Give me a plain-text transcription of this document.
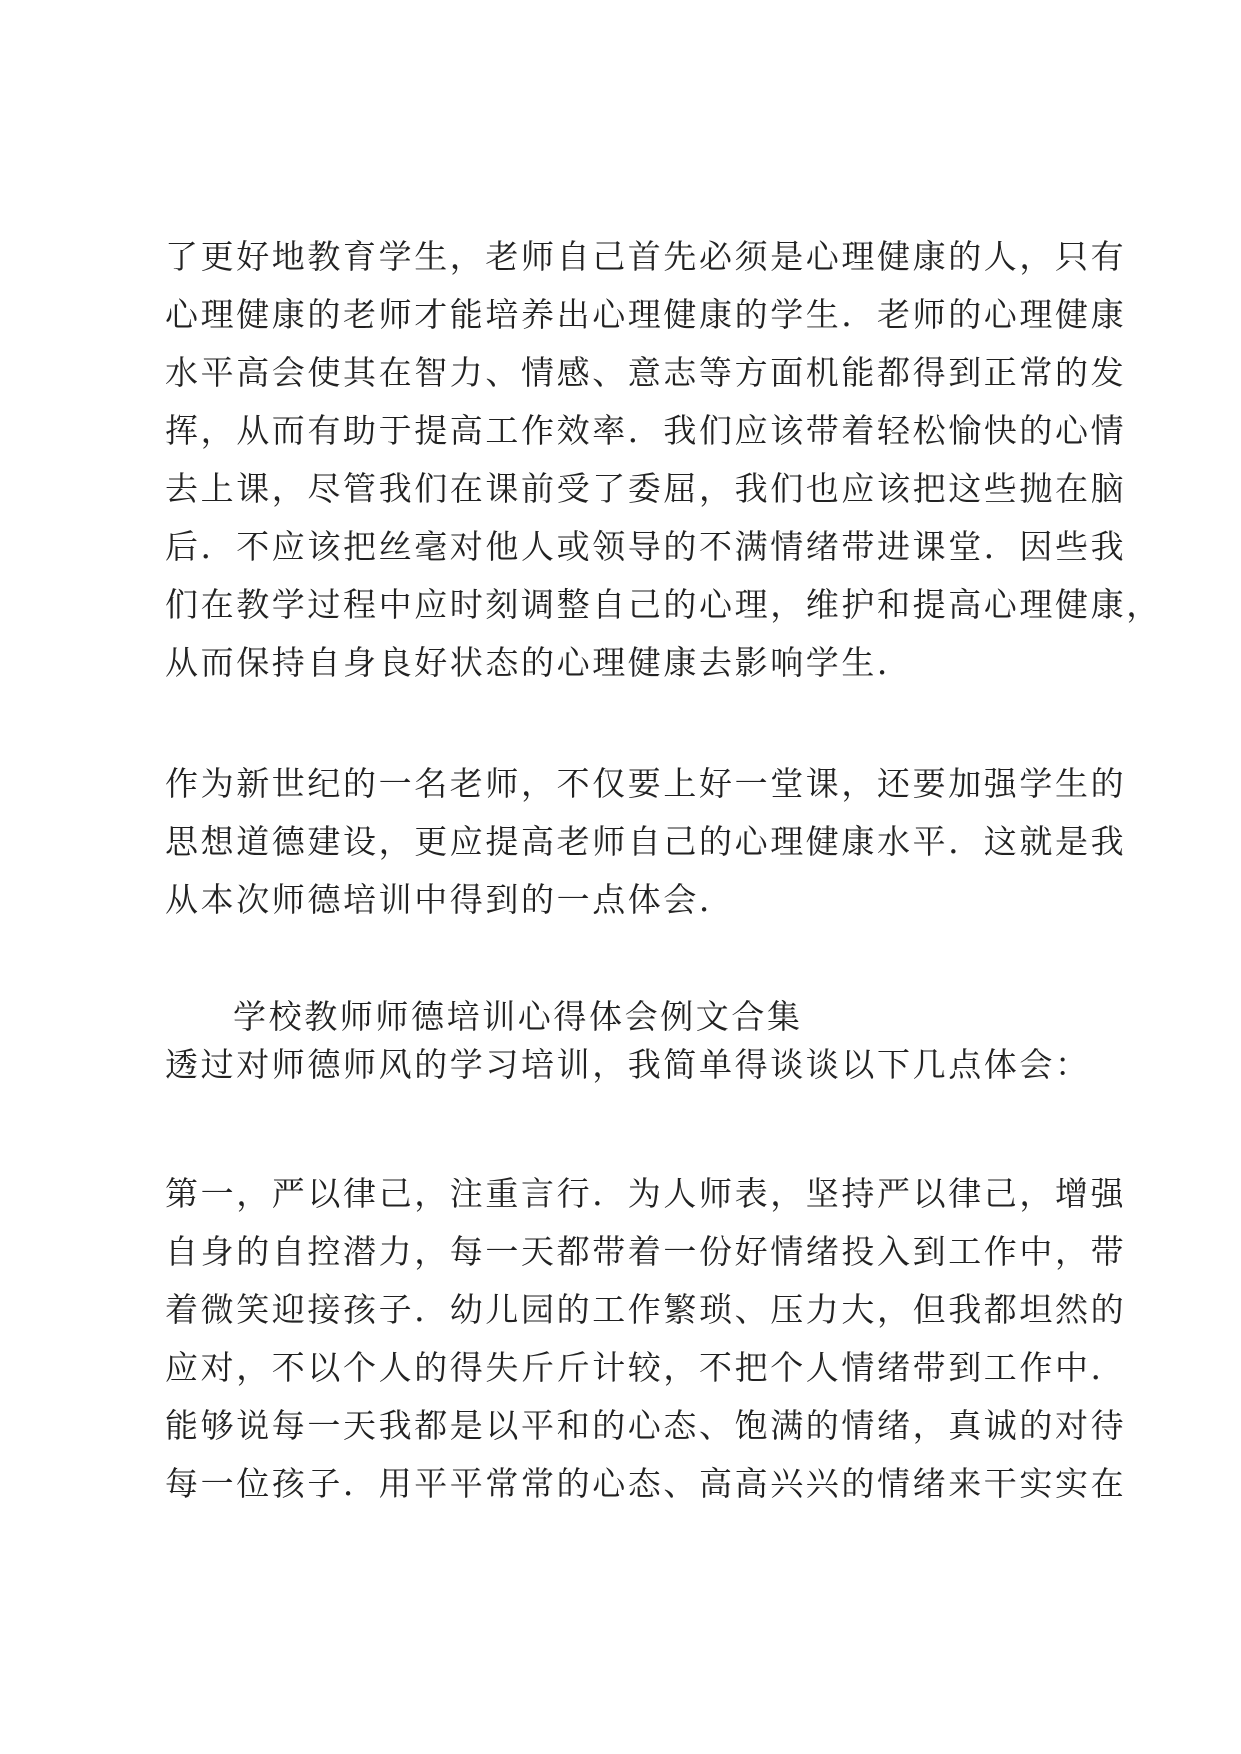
了更好地教育学生，老师自己首先必须是心理健康的人，只有
心理健康的老师才能培养出心理健康的学生．老师的心理健康
水平高会使其在智力、情感、意志等方面机能都得到正常的发
挥，从而有助于提高工作效率．我们应该带着轻松愉快的心情
去上课，尽管我们在课前受了委屈，我们也应该把这些抛在脑
后．不应该把丝毫对他人或领导的不满情绪带进课堂．因些我
们在教学过程中应时刻调整自己的心理，维护和提高心理健康，
从而保持自身良好状态的心理健康去影响学生．
作为新世纪的一名老师，不仅要上好一堂课，还要加强学生的
思想道德建设，更应提高老师自己的心理健康水平．这就是我
从本次师德培训中得到的一点体会．
学校教师师德培训心得体会例文合集
透过对师德师风的学习培训，我简单得谈谈以下几点体会：
第一，严以律己，注重言行．为人师表，坚持严以律己，增强
自身的自控潜力，每一天都带着一份好情绪投入到工作中，带
着微笑迎接孩子．幼儿园的工作繁琐、压力大，但我都坦然的
应对，不以个人的得失斤斤计较，不把个人情绪带到工作中．
能够说每一天我都是以平和的心态、饱满的情绪，真诚的对待
每一位孩子．用平平常常的心态、高高兴兴的情绪来干实实在
